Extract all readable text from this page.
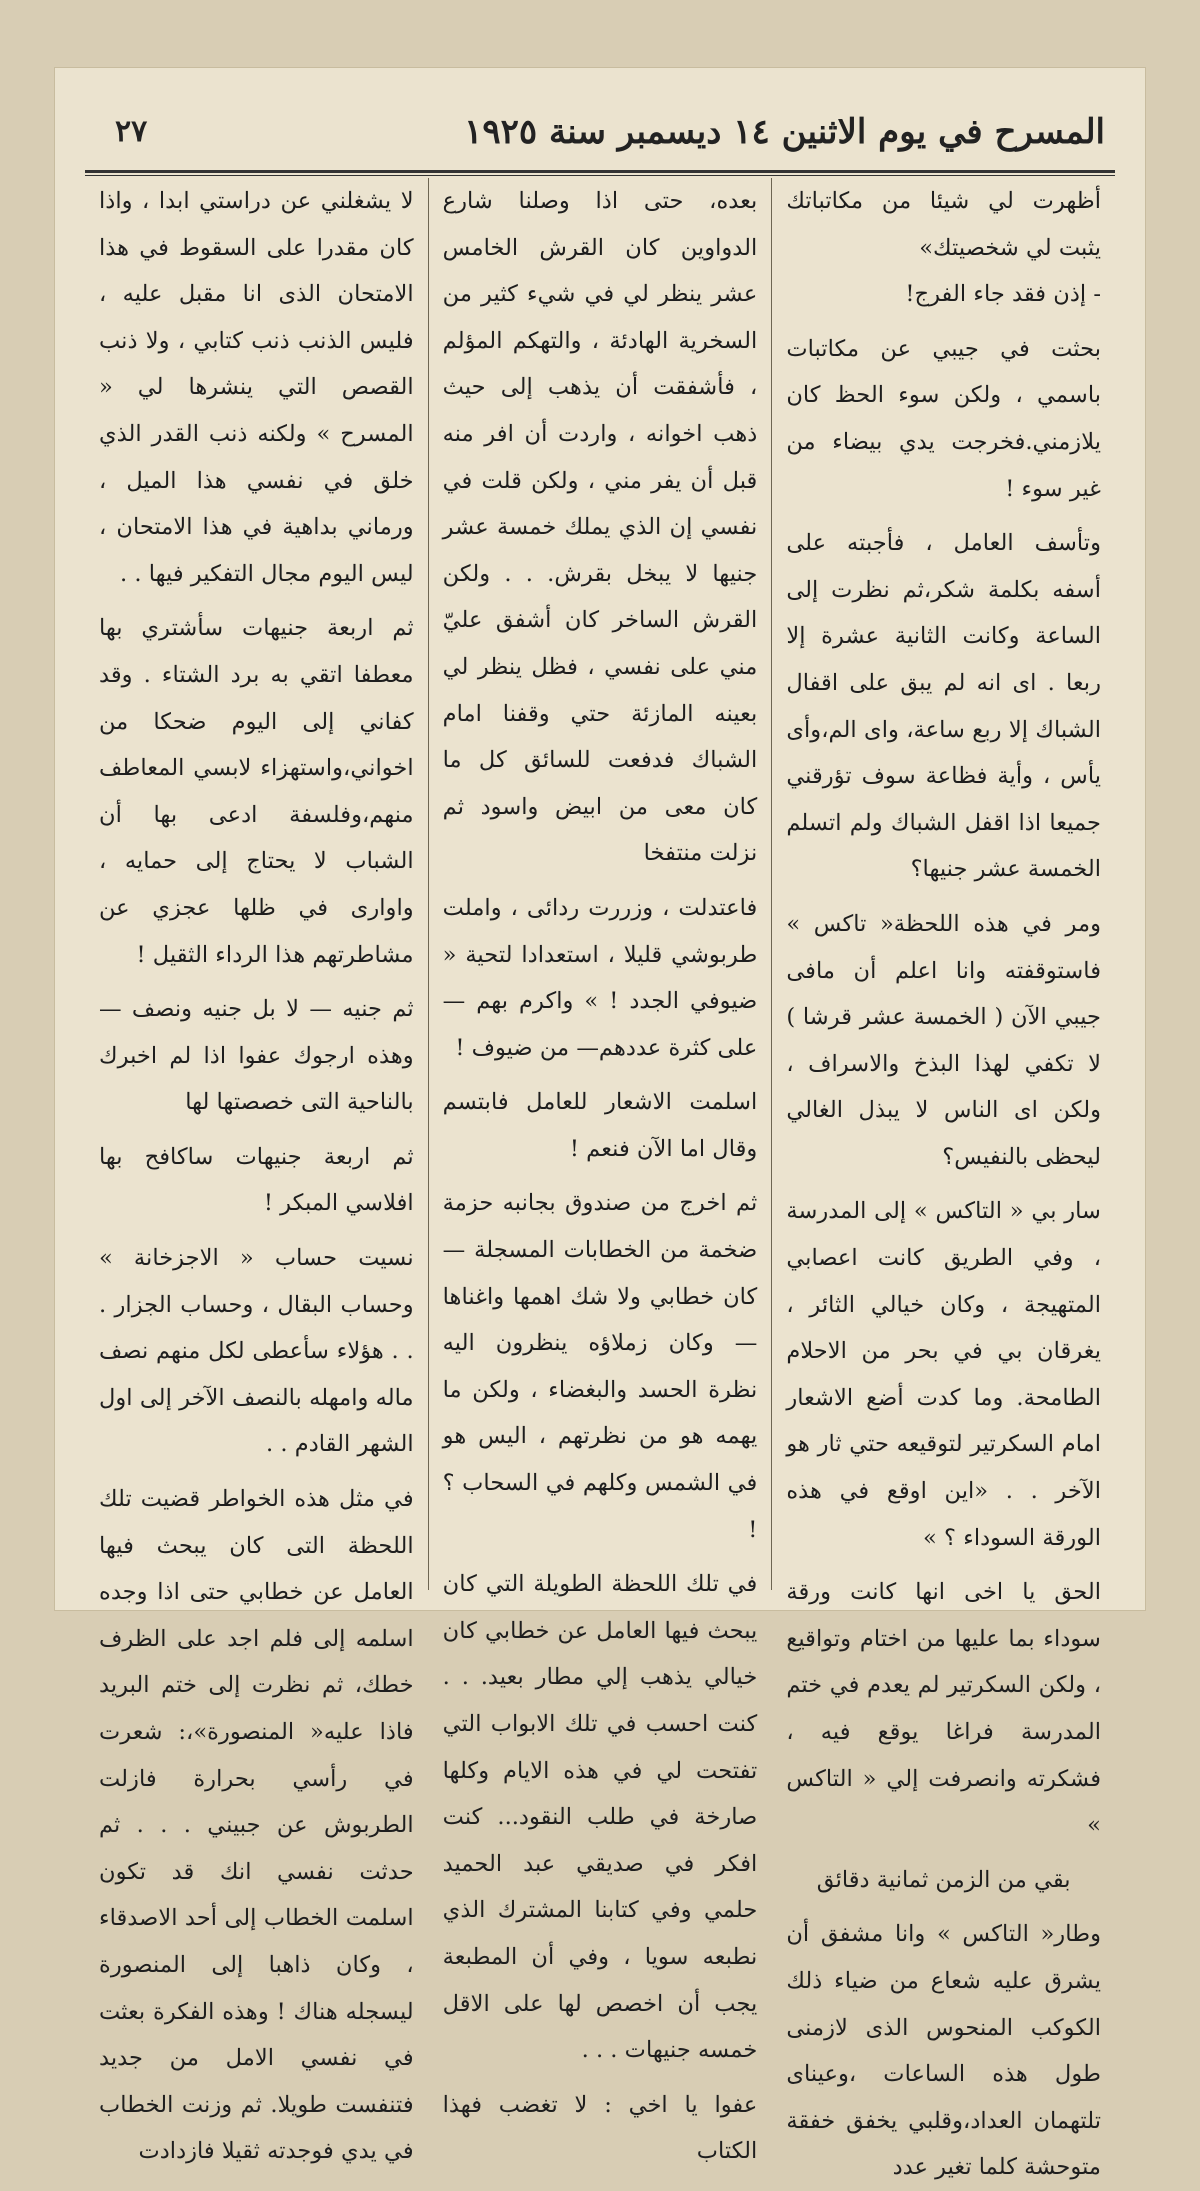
المسرح في يوم الاثنين ١٤ ديسمبر سنة ١٩٢٥
٢٧

أظهرت لي شيئا من مكاتباتك يثبت لي شخصيتك»
- إذن فقد جاء الفرج!

بحثت في جيبي عن مكاتبات باسمي ، ولكن سوء الحظ كان يلازمني.فخرجت يدي بيضاء من غير سوء !

وتأسف العامل ، فأجبته على أسفه بكلمة شكر،ثم نظرت إلى الساعة وكانت الثانية عشرة إلا ربعا . اى انه لم يبق على اقفال الشباك إلا ربع ساعة، واى الم،وأى يأس ، وأية فظاعة سوف تؤرقني جميعا اذا اقفل الشباك ولم اتسلم الخمسة عشر جنيها؟

ومر في هذه اللحظة« تاكس » فاستوقفته وانا اعلم أن مافى جيبي الآن ( الخمسة عشر قرشا ) لا تكفي لهذا البذخ والاسراف ، ولكن اى الناس لا يبذل الغالي ليحظى بالنفيس؟

سار بي « التاكس » إلى المدرسة ، وفي الطريق كانت اعصابي المتهيجة ، وكان خيالي الثائر ، يغرقان بي في بحر من الاحلام الطامحة. وما كدت أضع الاشعار امام السكرتير لتوقيعه حتي ثار هو الآخر . . «اين اوقع في هذه الورقة السوداء ؟ »

الحق يا اخى انها كانت ورقة سوداء بما عليها من اختام وتواقيع ، ولكن السكرتير لم يعدم في ختم المدرسة فراغا يوقع فيه ، فشكرته وانصرفت إلي « التاكس »

بقي من الزمن ثمانية دقائق

وطار« التاكس » وانا مشفق أن يشرق عليه شعاع من ضياء ذلك الكوكب المنحوس الذى لازمنى طول هذه الساعات ،وعيناى تلتهمان العداد،وقلبي يخفق خفقة متوحشة كلما تغير عدد

بعده، حتى اذا وصلنا شارع الدواوين كان القرش الخامس عشر ينظر لي في شيء كثير من السخرية الهادئة ، والتهكم المؤلم ، فأشفقت أن يذهب إلى حيث ذهب اخوانه ، واردت أن افر منه قبل أن يفر مني ، ولكن قلت في نفسي إن الذي يملك خمسة عشر جنيها لا يبخل بقرش. . . ولكن القرش الساخر كان أشفق عليّ مني على نفسي ، فظل ينظر لي بعينه المازئة حتي وقفنا امام الشباك فدفعت للسائق كل ما كان معى من ابيض واسود ثم نزلت منتفخا

فاعتدلت ، وزررت ردائى ، واملت طربوشي قليلا ، استعدادا لتحية « ضيوفي الجدد ! » واكرم بهم — على كثرة عددهم— من ضيوف !

اسلمت الاشعار للعامل فابتسم وقال اما الآن فنعم !

ثم اخرج من صندوق بجانبه حزمة ضخمة من الخطابات المسجلة — كان خطابي ولا شك اهمها واغناها — وكان زملاؤه ينظرون اليه نظرة الحسد والبغضاء ، ولكن ما يهمه هو من نظرتهم ، اليس هو في الشمس وكلهم في السحاب ؟ !

في تلك اللحظة الطويلة التي كان يبحث فيها العامل عن خطابي كان خيالي يذهب إلي مطار بعيد. . . كنت احسب في تلك الابواب التي تفتحت لي في هذه الايام وكلها صارخة في طلب النقود... كنت افكر في صديقي عبد الحميد حلمي وفي كتابنا المشترك الذي نطبعه سويا ، وفي أن المطبعة يجب أن اخصص لها على الاقل خمسه جنيهات . . .

عفوا يا اخي : لا تغضب فهذا الكتاب

لا يشغلني عن دراستي ابدا ، واذا كان مقدرا على السقوط في هذا الامتحان الذى انا مقبل عليه ، فليس الذنب ذنب كتابي ، ولا ذنب القصص التي ينشرها لي « المسرح » ولكنه ذنب القدر الذي خلق في نفسي هذا الميل ، ورماني بداهية في هذا الامتحان ، ليس اليوم مجال التفكير فيها . .

ثم اربعة جنيهات سأشتري بها معطفا اتقي به برد الشتاء . وقد كفاني إلى اليوم ضحكا من اخواني،واستهزاء لابسي المعاطف منهم،وفلسفة ادعى بها أن الشباب لا يحتاج إلى حمايه ، واوارى في ظلها عجزي عن مشاطرتهم هذا الرداء الثقيل !

ثم جنيه — لا بل جنيه ونصف — وهذه ارجوك عفوا اذا لم اخبرك بالناحية التى خصصتها لها

ثم اربعة جنيهات ساكافح بها افلاسي المبكر !

نسيت حساب « الاجزخانة » وحساب البقال ، وحساب الجزار . . . هؤلاء سأعطى لكل منهم نصف ماله وامهله بالنصف الآخر إلى اول الشهر القادم . .

في مثل هذه الخواطر قضيت تلك اللحظة التى كان يبحث فيها العامل عن خطابي حتى اذا وجده اسلمه إلى فلم اجد على الظرف خطك، ثم نظرت إلى ختم البريد فاذا عليه« المنصورة»،: شعرت في رأسي بحرارة فازلت الطربوش عن جبيني . . . ثم حدثت نفسي انك قد تكون اسلمت الخطاب إلى أحد الاصدقاء ، وكان ذاهبا إلى المنصورة ليسجله هناك ! وهذه الفكرة بعثت في نفسي الامل من جديد فتنفست طويلا. ثم وزنت الخطاب في يدي فوجدته ثقيلا فازدادت
